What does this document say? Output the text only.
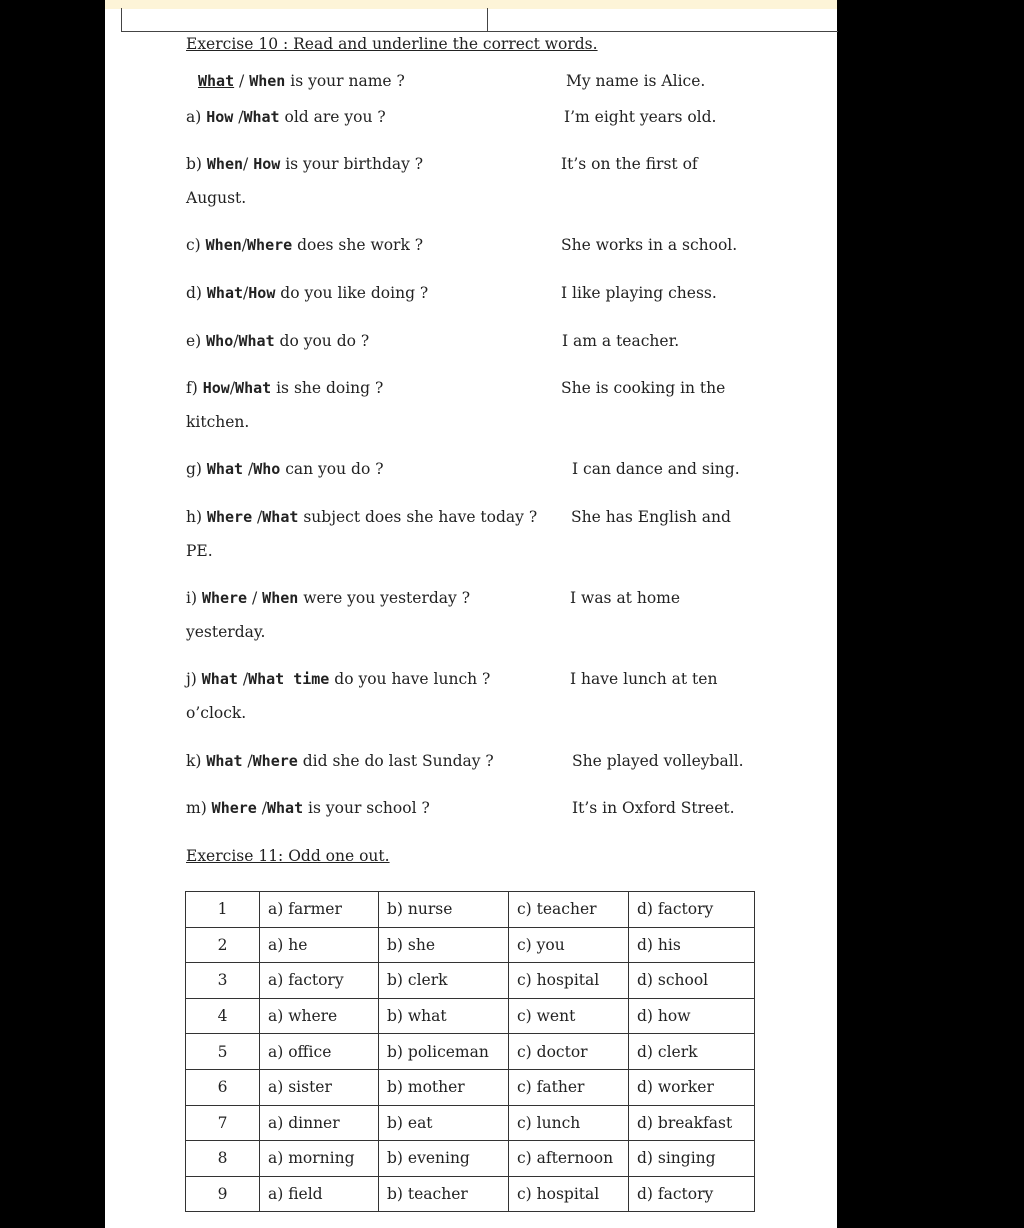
Exercise 10 : Read and underline the correct words.
What / When is your name ?	My name is Alice.
a) How /What old are you ?	I’m eight years old.
b) When/ How is your birthday ?	It’s on the first of
August.
c) When/Where does she work ?	She works in a school.
d) What/How do you like doing ?	I like playing chess.
e) Who/What do you do ?	I am a teacher.
f) How/What is she doing ?	She is cooking in the
kitchen.
g) What /Who can you do ?	I can dance and sing.
h) Where /What subject does she have today ? She has English and
PE.
i) Where / When were you yesterday ?	I was at home
yesterday.
j) What /What time do you have lunch ?	I have lunch at ten
o’clock.
k) What /Where did she do last Sunday ?	She played volleyball.
m) Where /What is your school ?	It’s in Oxford Street.
Exercise 11: Odd one out.
1	a) farmer	b) nurse	c) teacher	d) factory
2	a) he	b) she	c) you	d) his
3	a) factory	b) clerk	c) hospital	d) school
4	a) where	b) what	c) went	d) how
5	a) office	b) policeman	c) doctor	d) clerk
6	a) sister	b) mother	c) father	d) worker
7	a) dinner	b) eat	c) lunch	d) breakfast
8	a) morning	b) evening	c) afternoon	d) singing
9	a) field	b) teacher	c) hospital	d) factory
